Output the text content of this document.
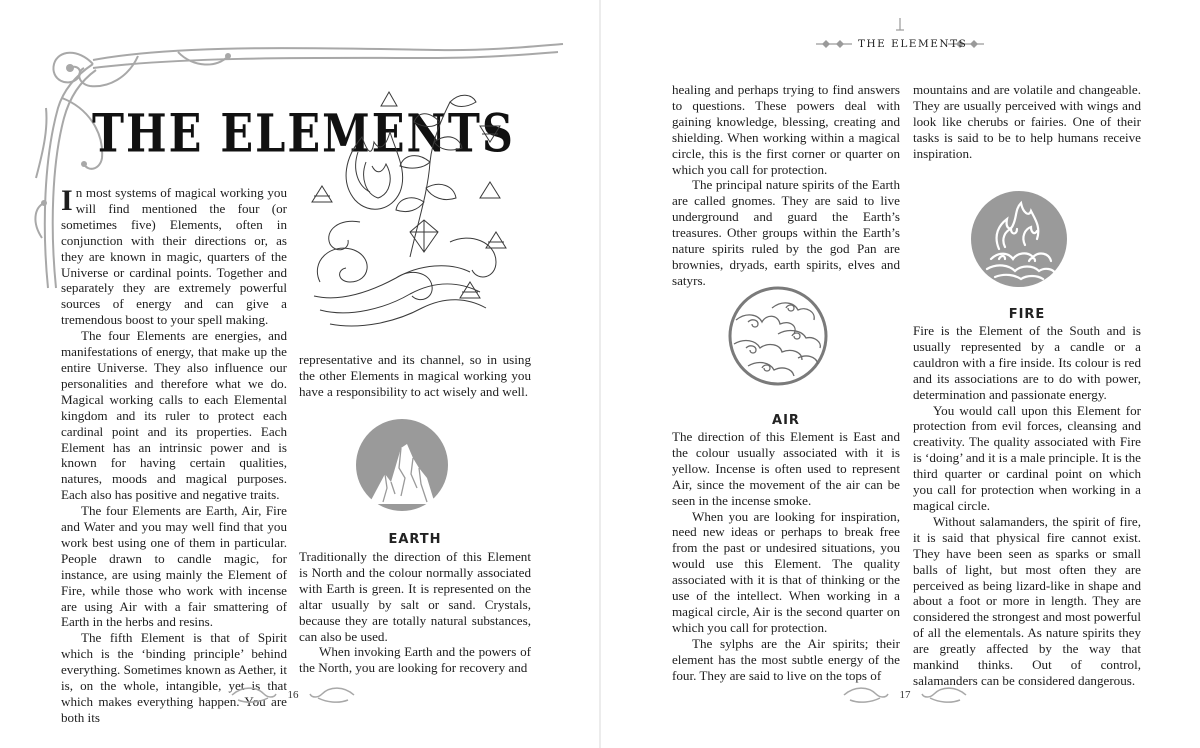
THE ELEMENTS

In most systems of magical working you will find mentioned the four (or sometimes five) Elements, often in conjunction with their directions or, as they are known in magic, quarters of the Universe or cardinal points. Together and separately they are extremely powerful sources of energy and can give a tremendous boost to your spell making.

The four Elements are energies, and manifestations of energy, that make up the entire Universe. They also influence our personalities and therefore what we do. Magical working calls to each Elemental kingdom and its ruler to protect each cardinal point and its properties. Each Element has an intrinsic power and is known for having certain qualities, natures, moods and magical purposes. Each also has positive and negative traits.

The four Elements are Earth, Air, Fire and Water and you may well find that you work best using one of them in particular. People drawn to candle magic, for instance, are using mainly the Element of Fire, while those who work with incense are using Air with a fair smattering of Earth in the herbs and resins.

The fifth Element is that of Spirit which is the ‘binding principle’ behind everything. Sometimes known as Aether, it is, on the whole, intangible, yet is that which makes everything happen. You are both its

representative and its channel, so in using the other Elements in magical working you have a responsibility to act wisely and well.

EARTH

Traditionally the direction of this Element is North and the colour normally associated with Earth is green. It is represented on the altar usually by salt or sand. Crystals, because they are totally natural substances, can also be used.

When invoking Earth and the powers of the North, you are looking for recovery and

16
THE ELEMENTS

healing and perhaps trying to find answers to questions. These powers deal with gaining knowledge, blessing, creating and shielding. When working within a magical circle, this is the first corner or quarter on which you call for protection.

The principal nature spirits of the Earth are called gnomes. They are said to live underground and guard the Earth’s treasures. Other groups within the Earth’s nature spirits ruled by the god Pan are brownies, dryads, earth spirits, elves and satyrs.

AIR

The direction of this Element is East and the colour usually associated with it is yellow. Incense is often used to represent Air, since the movement of the air can be seen in the incense smoke.

When you are looking for inspiration, need new ideas or perhaps to break free from the past or undesired situations, you would use this Element. The quality associated with it is that of thinking or the use of the intellect. When working in a magical circle, Air is the second quarter on which you call for protection.

The sylphs are the Air spirits; their element has the most subtle energy of the four. They are said to live on the tops of

mountains and are volatile and changeable. They are usually perceived with wings and look like cherubs or fairies. One of their tasks is said to be to help humans receive inspiration.

FIRE

Fire is the Element of the South and is usually represented by a candle or a cauldron with a fire inside. Its colour is red and its associations are to do with power, determination and passionate energy.

You would call upon this Element for protection from evil forces, cleansing and creativity. The quality associated with Fire is ‘doing’ and it is a male principle. It is the third quarter or cardinal point on which you call for protection when working in a magical circle.

Without salamanders, the spirit of fire, it is said that physical fire cannot exist. They have been seen as sparks or small balls of light, but most often they are perceived as being lizard-like in shape and about a foot or more in length. They are considered the strongest and most powerful of all the elementals. As nature spirits they are greatly affected by the way that mankind thinks. Out of control, salamanders can be considered dangerous.

17
